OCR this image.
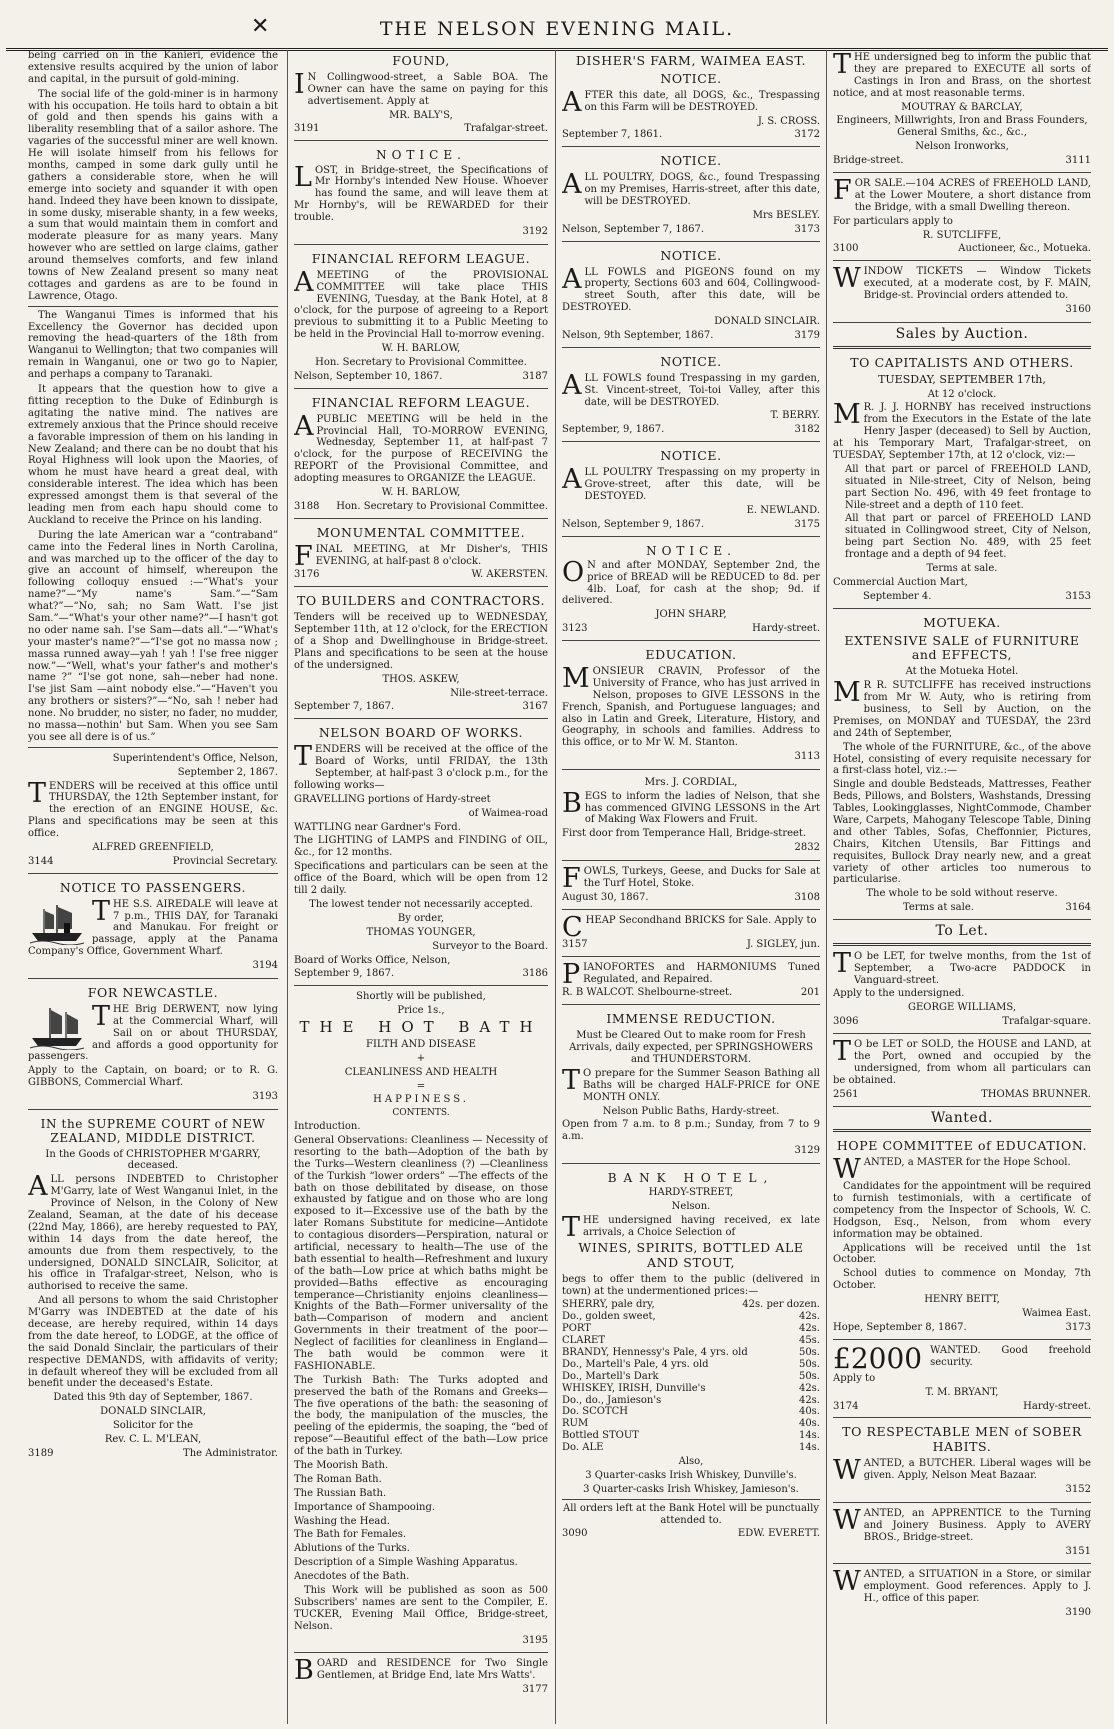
✕	THE NELSON EVENING MAIL.

being carried on in the Kanieri, evidence the extensive results acquired by the union of labor and capital, in the pursuit of gold-mining.

The social life of the gold-miner is in harmony with his occupation. He toils hard to obtain a bit of gold and then spends his gains with a liberality resembling that of a sailor ashore. The vagaries of the successful miner are well known. He will isolate himself from his fellows for months, camped in some dark gully until he gathers a considerable store, when he will emerge into society and squander it with open hand. Indeed they have been known to dissipate, in some dusky, miserable shanty, in a few weeks, a sum that would maintain them in comfort and moderate pleasure for as many years. Many however who are settled on large claims, gather around themselves comforts, and few inland towns of New Zealand present so many neat cottages and gardens as are to be found in Lawrence, Otago.

The Wanganui Times is informed that his Excellency the Governor has decided upon removing the head-quarters of the 18th from Wanganui to Wellington; that two companies will remain in Wanganui, one or two go to Napier, and perhaps a company to Taranaki.

It appears that the question how to give a fitting reception to the Duke of Edinburgh is agitating the native mind. The natives are extremely anxious that the Prince should receive a favorable impression of them on his landing in New Zealand; and there can be no doubt that his Royal Highness will look upon the Maories, of whom he must have heard a great deal, with considerable interest. The idea which has been expressed amongst them is that several of the leading men from each hapu should come to Auckland to receive the Prince on his landing.

During the late American war a “contraband” came into the Federal lines in North Carolina, and was marched up to the officer of the day to give an account of himself, whereupon the following colloquy ensued :—“What's your name?”—“My name's Sam.”—“Sam what?”—“No, sah; no Sam Watt. I'se jist Sam.”—“What's your other name?”—I hasn't got no oder name sah. I'se Sam—dats all.”—“What's your master's name?”—“I'se got no massa now ; massa runned away—yah ! yah ! I'se free nigger now.”—“Well, what's your father's and mother's name ?” “I'se got none, sah—neber had none. I'se jist Sam —aint nobody else.”—“Haven't you any brothers or sisters?”—“No, sah ! neber had none. No brudder, no sister, no fader, no mudder, no massa—nothin' but Sam. When you see Sam you see all dere is of us.”

Superintendent's Office, Nelson,

September 2, 1867.

TENDERS will be received at this office until THURSDAY, the 12th September instant, for the erection of an ENGINE HOUSE, &c. Plans and specifications may be seen at this office.

ALFRED GREENFIELD,

3144	Provincial Secretary.
NOTICE TO PASSENGERS.

THE S.S. AIREDALE will leave at 7 p.m., THIS DAY, for Taranaki and Manukau. For freight or passage, apply at the Panama Company's Office, Government Wharf.

3194

FOR NEWCASTLE.

THE Brig DERWENT, now lying at the Commercial Wharf, will Sail on or about THURSDAY, and affords a good opportunity for passengers.

Apply to the Captain, on board; or to R. G. GIBBONS, Commercial Wharf.

3193

IN the SUPREME COURT of NEW ZEALAND, MIDDLE DISTRICT.

In the Goods of CHRISTOPHER M'GARRY, deceased.

ALL persons INDEBTED to Christopher M'Garry, late of West Wanganui Inlet, in the Province of Nelson, in the Colony of New Zealand, Seaman, at the date of his decease (22nd May, 1866), are hereby requested to PAY, within 14 days from the date hereof, the amounts due from them respectively, to the undersigned, DONALD SINCLAIR, Solicitor, at his office in Trafalgar-street, Nelson, who is authorised to receive the same.

And all persons to whom the said Christopher M'Garry was INDEBTED at the date of his decease, are hereby required, within 14 days from the date hereof, to LODGE, at the office of the said Donald Sinclair, the particulars of their respective DEMANDS, with affidavits of verity; in default whereof they will be excluded from all benefit under the deceased's Estate.

Dated this 9th day of September, 1867.

DONALD SINCLAIR,

Solicitor for the

Rev. C. L. M'LEAN,

3189	The Administrator.
FOUND,

I N Collingwood-street, a Sable BOA. The Owner can have the same on paying for this advertisement. Apply at

MR. BALY'S,

3191	Trafalgar-street.
NOTICE.

LOST, in Bridge-street, the Specifications of Mr Hornby's intended New House. Whoever has found the same, and will leave them at Mr Hornby's, will be REWARDED for their trouble.

3192

FINANCIAL REFORM LEAGUE.

AMEETING of the PROVISIONAL COMMITTEE will take place THIS EVENING, Tuesday, at the Bank Hotel, at 8 o'clock, for the purpose of agreeing to a Report previous to submitting it to a Public Meeting to be held in the Provincial Hall to-morrow evening.

W. H. BARLOW,

Hon. Secretary to Provisional Committee.

Nelson, September 10, 1867.	3187
FINANCIAL REFORM LEAGUE.

APUBLIC MEETING will be held in the Provincial Hall, TO-MORROW EVENING, Wednesday, September 11, at half-past 7 o'clock, for the purpose of RECEIVING the REPORT of the Provisional Committee, and adopting measures to ORGANIZE the LEAGUE.

W. H. BARLOW,

3188 Hon. Secretary to Provisional Committee.
MONUMENTAL COMMITTEE.

FINAL MEETING, at Mr Disher's, THIS EVENING, at half-past 8 o'clock.

3176	W. AKERSTEN.
TO BUILDERS and CONTRACTORS.

Tenders will be received up to WEDNESDAY, September 11th, at 12 o'clock, for the ERECTION of a Shop and Dwellinghouse in Bridge-street. Plans and specifications to be seen at the house of the undersigned.

THOS. ASKEW,

Nile-street-terrace.

September 7, 1867.	3167
NELSON BOARD OF WORKS.

TENDERS will be received at the office of the Board of Works, until FRIDAY, the 13th September, at half-past 3 o'clock p.m., for the following works—

GRAVELLING portions of Hardy-street

of Waimea-road

WATTLING near Gardner's Ford.

The LIGHTING of LAMPS and FINDING of OIL, &c., for 12 months.

Specifications and particulars can be seen at the office of the Board, which will be open from 12 till 2 daily.

The lowest tender not necessarily accepted.

By order,

THOMAS YOUNGER,

Surveyor to the Board.

Board of Works Office, Nelson,

September 9, 1867.	3186

Shortly will be published,

Price 1s.,

THE HOT BATH

FILTH AND DISEASE

+

CLEANLINESS AND HEALTH

=

HAPPINESS.

CONTENTS.

Introduction.

General Observations: Cleanliness — Necessity of resorting to the bath—Adoption of the bath by the Turks—Western cleanliness (?) —Cleanliness of the Turkish “lower orders” —The effects of the bath on those debilitated by disease, on those exhausted by fatigue and on those who are long exposed to it—Excessive use of the bath by the later Romans Substitute for medicine—Antidote to contagious disorders—Perspiration, natural or artificial, necessary to health—The use of the bath essential to health—Refreshment and luxury of the bath—Low price at which baths might be provided—Baths effective as encouraging temperance—Christianity enjoins cleanliness—Knights of the Bath—Former universality of the bath—Comparison of modern and ancient Governments in their treatment of the poor—Neglect of facilities for cleanliness in England—The bath would be common were it FASHIONABLE.

The Turkish Bath: The Turks adopted and preserved the bath of the Romans and Greeks—The five operations of the bath: the seasoning of the body, the manipulation of the muscles, the peeling of the epidermis, the soaping, the “bed of repose”—Beautiful effect of the bath—Low price of the bath in Turkey.

The Moorish Bath.

The Roman Bath.

The Russian Bath.

Importance of Shampooing.

Washing the Head.

The Bath for Females.

Ablutions of the Turks.

Description of a Simple Washing Apparatus.

Anecdotes of the Bath.

This Work will be published as soon as 500 Subscribers' names are sent to the Compiler, E. TUCKER, Evening Mail Office, Bridge-street, Nelson.

3195

BOARD and RESIDENCE for Two Single Gentlemen, at Bridge End, late Mrs Watts'.

3177

DISHER'S FARM, WAIMEA EAST.
NOTICE.

AFTER this date, all DOGS, &c., Trespassing on this Farm will be DESTROYED.

J. S. CROSS.

September 7, 1861.	3172
NOTICE.

ALL POULTRY, DOGS, &c., found Trespassing on my Premises, Harris-street, after this date, will be DESTROYED.

Mrs BESLEY.

Nelson, September 7, 1867.	3173
NOTICE.

ALL FOWLS and PIGEONS found on my property, Sections 603 and 604, Collingwood-street South, after this date, will be DESTROYED.

DONALD SINCLAIR.

Nelson, 9th September, 1867.	3179
NOTICE.

ALL FOWLS found Trespassing in my garden, St. Vincent-street, Toi-toi Valley, after this date, will be DESTROYED.

T. BERRY.

September, 9, 1867.	3182
NOTICE.

ALL POULTRY Trespassing on my property in Grove-street, after this date, will be DESTOYED.

E. NEWLAND.

Nelson, September 9, 1867.	3175
NOTICE.

O N and after MONDAY, September 2nd, the price of BREAD will be REDUCED to 8d. per 4lb. Loaf, for cash at the shop; 9d. if delivered.

JOHN SHARP,

3123	Hardy-street.
EDUCATION.

MONSIEUR CRAVIN, Professor of the University of France, who has just arrived in Nelson, proposes to GIVE LESSONS in the French, Spanish, and Portuguese languages; and also in Latin and Greek, Literature, History, and Geography, in schools and families. Address to this office, or to Mr W. M. Stanton.

3113

Mrs. J. CORDIAL,

BEGS to inform the ladies of Nelson, that she has commenced GIVING LESSONS in the Art of Making Wax Flowers and Fruit.

First door from Temperance Hall, Bridge-street.

2832

FOWLS, Turkeys, Geese, and Ducks for Sale at the Turf Hotel, Stoke.

August 30, 1867.	3108

CHEAP Secondhand BRICKS for Sale. Apply to

3157	J. SIGLEY, jun.

PIANOFORTES and HARMONIUMS Tuned Regulated, and Repaired.

R. B WALCOT. Shelbourne-street.	201
IMMENSE REDUCTION.

Must be Cleared Out to make room for Fresh Arrivals, daily expected, per SPRINGSHOWERS and THUNDERSTORM.

T O prepare for the Summer Season Bathing all Baths will be charged HALF-PRICE for ONE MONTH ONLY.

Nelson Public Baths, Hardy-street.

Open from 7 a.m. to 8 p.m.; Sunday, from 7 to 9 a.m.

3129

BANK HOTEL,

HARDY-STREET,

Nelson.

THE undersigned having received, ex late arrivals, a Choice Selection of

WINES, SPIRITS, BOTTLED ALE AND STOUT,

begs to offer them to the public (delivered in town) at the undermentioned prices:—

SHERRY, pale dry,	42s. per dozen.
Do., golden sweet,	42s.
PORT	42s.
CLARET	45s.
BRANDY, Hennessy's Pale, 4 yrs. old	50s.
Do., Martell's Pale, 4 yrs. old	50s.
Do., Martell's Dark	50s.
WHISKEY, IRISH, Dunville's	42s.
Do., do., Jamieson's	42s.
Do. SCOTCH	40s.
RUM	40s.
Bottled STOUT	14s.
Do. ALE	14s.

Also,

3 Quarter-casks Irish Whiskey, Dunville's.

3 Quarter-casks Irish Whiskey, Jamieson's.

All orders left at the Bank Hotel will be punctually attended to.

3090	EDW. EVERETT.

THE undersigned beg to inform the public that they are prepared to EXECUTE all sorts of Castings in Iron and Brass, on the shortest notice, and at most reasonable terms.

MOUTRAY & BARCLAY,

Engineers, Millwrights, Iron and Brass Founders, General Smiths, &c., &c.,

Nelson Ironworks,

Bridge-street.	3111

FOR SALE.—104 ACRES of FREEHOLD LAND, at the Lower Moutere, a short distance from the Bridge, with a small Dwelling thereon.

For particulars apply to

R. SUTCLIFFE,

3100	Auctioneer, &c., Motueka.

WINDOW TICKETS — Window Tickets executed, at a moderate cost, by F. MAIN, Bridge-st. Provincial orders attended to.

3160

Sales by Auction.
TO CAPITALISTS AND OTHERS.

TUESDAY, SEPTEMBER 17th,

At 12 o'clock.

M R. J. J. HORNBY has received instructions from the Executors in the Estate of the late Henry Jasper (deceased) to Sell by Auction, at his Temporary Mart, Trafalgar-street, on TUESDAY, September 17th, at 12 o'clock, viz:—

All that part or parcel of FREEHOLD LAND, situated in Nile-street, City of Nelson, being part Section No. 496, with 49 feet frontage to Nile-street and a depth of 110 feet.

All that part or parcel of FREEHOLD LAND situated in Collingwood street, City of Nelson, being part Section No. 489, with 25 feet frontage and a depth of 94 feet.

Terms at sale.

Commercial Auction Mart,

September 4.	3153
MOTUEKA.
EXTENSIVE SALE of FURNITURE and EFFECTS,

At the Motueka Hotel.

M R R. SUTCLIFFE has received instructions from Mr W. Auty, who is retiring from business, to Sell by Auction, on the Premises, on MONDAY and TUESDAY, the 23rd and 24th of September,

The whole of the FURNITURE, &c., of the above Hotel, consisting of every requisite necessary for a first-class hotel, viz.:—

Single and double Bedsteads, Mattresses, Feather Beds, Pillows, and Bolsters, Washstands, Dressing Tables, Lookingglasses, NightCommode, Chamber Ware, Carpets, Mahogany Telescope Table, Dining and other Tables, Sofas, Cheffonnier, Pictures, Chairs, Kitchen Utensils, Bar Fittings and requisites, Bullock Dray nearly new, and a great variety of other articles too numerous to particularise.

The whole to be sold without reserve.

Terms at sale.	3164
To Let.

T O be LET, for twelve months, from the 1st of September, a Two-acre PADDOCK in Vanguard-street.

Apply to the undersigned.

GEORGE WILLIAMS,

3096	Trafalgar-square.

T O be LET or SOLD, the HOUSE and LAND, at the Port, owned and occupied by the undersigned, from whom all particulars can be obtained.

2561	THOMAS BRUNNER.
Wanted.
HOPE COMMITTEE of EDUCATION.

WANTED, a MASTER for the Hope School.

Candidates for the appointment will be required to furnish testimonials, with a certificate of competency from the Inspector of Schools, W. C. Hodgson, Esq., Nelson, from whom every information may be obtained.

Applications will be received until the 1st October.

School duties to commence on Monday, 7th October.

HENRY BEITT,

Waimea East.

Hope, September 8, 1867.	3173

£2000 WANTED. Good freehold security.

Apply to

T. M. BRYANT,

3174	Hardy-street.
TO RESPECTABLE MEN of SOBER HABITS.

WANTED, a BUTCHER. Liberal wages will be given. Apply, Nelson Meat Bazaar.

3152

WANTED, an APPRENTICE to the Turning and Joinery Business. Apply to AVERY BROS., Bridge-street.

3151

WANTED, a SITUATION in a Store, or similar employment. Good references. Apply to J. H., office of this paper.

3190
